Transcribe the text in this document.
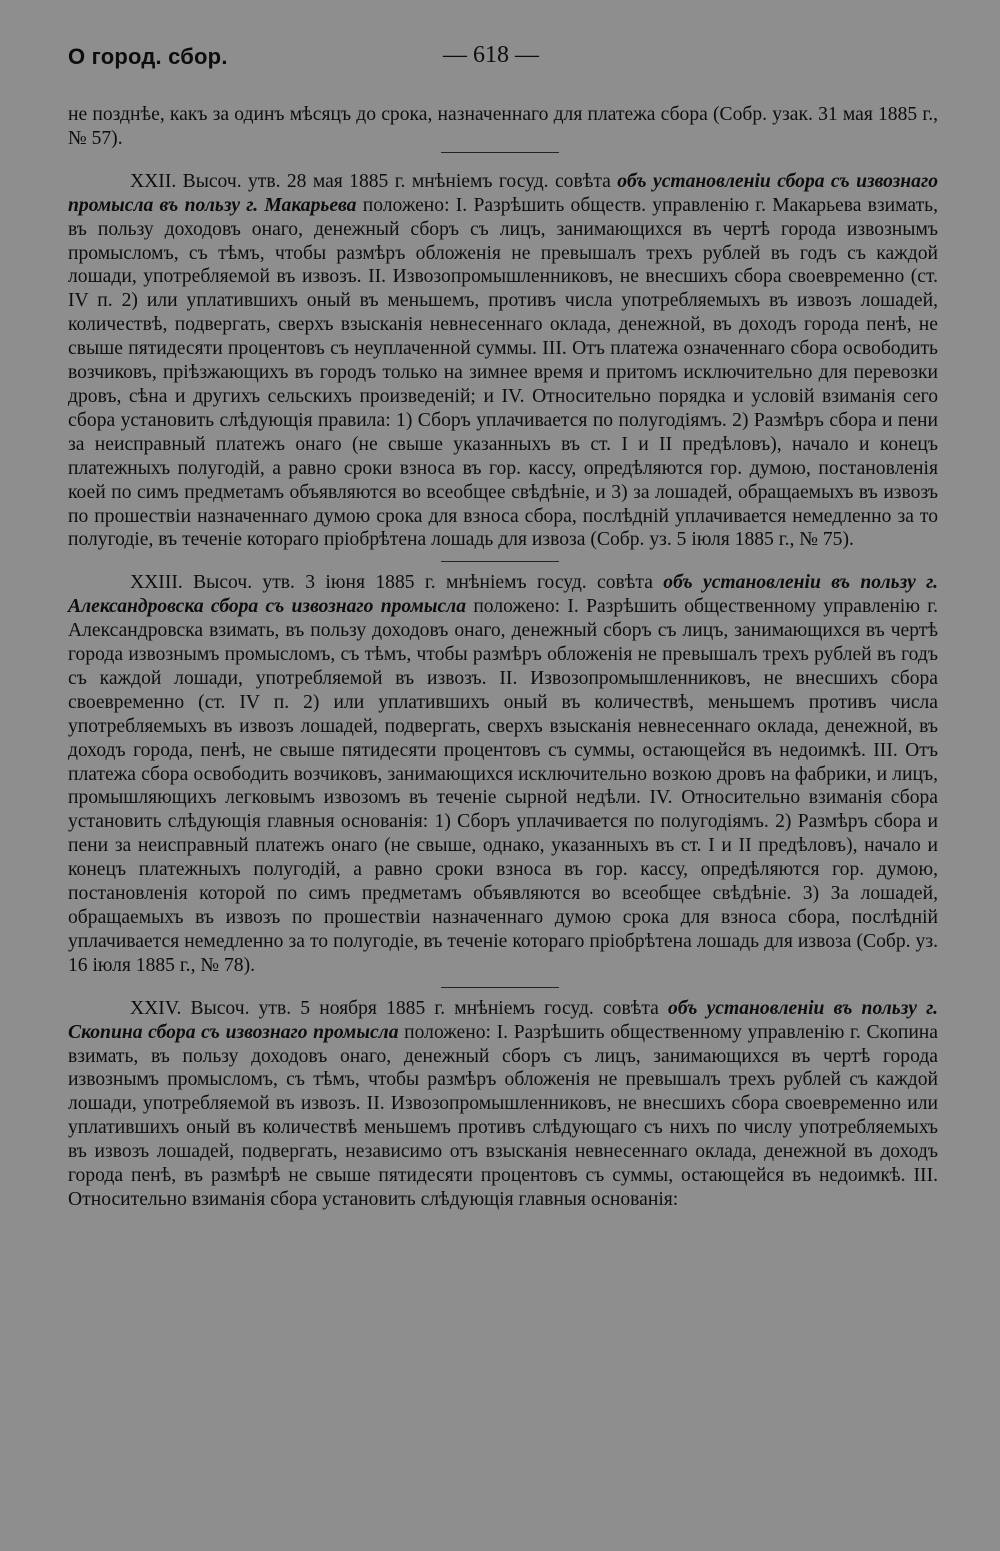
О город. сбор.	— 618 —

не позднѣе, какъ за одинъ мѣсяцъ до срока, назначеннаго для платежа сбора (Собр. узак. 31 мая 1885 г., № 57).

XXII. Высоч. утв. 28 мая 1885 г. мнѣніемъ госуд. совѣта объ установленіи сбора съ извознаго промысла въ пользу г. Макарьева положено: I. Разрѣшить обществ. управленію г. Макарьева взимать, въ пользу доходовъ онаго, денежный сборъ съ лицъ, занимающихся въ чертѣ города извознымъ промысломъ, съ тѣмъ, чтобы размѣръ обложенія не превышалъ трехъ рублей въ годъ съ каждой лошади, употребляемой въ извозъ. II. Извозопромышленниковъ, не внесшихъ сбора своевременно (ст. IV п. 2) или уплатившихъ оный въ меньшемъ, противъ числа употребляемыхъ въ извозъ лошадей, количествѣ, подвергать, сверхъ взысканія невнесеннаго оклада, денежной, въ доходъ города пенѣ, не свыше пятидесяти процентовъ съ неуплаченной суммы. III. Отъ платежа означеннаго сбора освободить возчиковъ, пріѣзжающихъ въ городъ только на зимнее время и притомъ исключительно для перевозки дровъ, сѣна и другихъ сельскихъ произведеній; и IV. Относительно порядка и условій взиманія сего сбора установить слѣдующія правила: 1) Сборъ уплачивается по полугодіямъ. 2) Размѣръ сбора и пени за неисправный платежъ онаго (не свыше указанныхъ въ ст. I и II предѣловъ), начало и конецъ платежныхъ полугодій, а равно сроки взноса въ гор. кассу, опредѣляются гор. думою, постановленія коей по симъ предметамъ объявляются во всеобщее свѣдѣніе, и 3) за лошадей, обращаемыхъ въ извозъ по прошествіи назначеннаго думою срока для взноса сбора, послѣдній уплачивается немедленно за то полугодіе, въ теченіе котораго пріобрѣтена лошадь для извоза (Собр. уз. 5 іюля 1885 г., № 75).

XXIII. Высоч. утв. 3 іюня 1885 г. мнѣніемъ госуд. совѣта объ установленіи въ пользу г. Александровска сбора съ извознаго промысла положено: I. Разрѣшить общественному управленію г. Александровска взимать, въ пользу доходовъ онаго, денежный сборъ съ лицъ, занимающихся въ чертѣ города извознымъ промысломъ, съ тѣмъ, чтобы размѣръ обложенія не превышалъ трехъ рублей въ годъ съ каждой лошади, употребляемой въ извозъ. II. Извозопромышленниковъ, не внесшихъ сбора своевременно (ст. IV п. 2) или уплатившихъ оный въ количествѣ, меньшемъ противъ числа употребляемыхъ въ извозъ лошадей, подвергать, сверхъ взысканія невнесеннаго оклада, денежной, въ доходъ города, пенѣ, не свыше пятидесяти процентовъ съ суммы, остающейся въ недоимкѣ. III. Отъ платежа сбора освободить возчиковъ, занимающихся исключительно возкою дровъ на фабрики, и лицъ, промышляющихъ легковымъ извозомъ въ теченіе сырной недѣли. IV. Относительно взиманія сбора установить слѣдующія главныя основанія: 1) Сборъ уплачивается по полугодіямъ. 2) Размѣръ сбора и пени за неисправный платежъ онаго (не свыше, однако, указанныхъ въ ст. I и II предѣловъ), начало и конецъ платежныхъ полугодій, а равно сроки взноса въ гор. кассу, опредѣляются гор. думою, постановленія которой по симъ предметамъ объявляются во всеобщее свѣдѣніе. 3) За лошадей, обращаемыхъ въ извозъ по прошествіи назначеннаго думою срока для взноса сбора, послѣдній уплачивается немедленно за то полугодіе, въ теченіе котораго пріобрѣтена лошадь для извоза (Собр. уз. 16 іюля 1885 г., № 78).

XXIV. Высоч. утв. 5 ноября 1885 г. мнѣніемъ госуд. совѣта объ установленіи въ пользу г. Скопина сбора съ извознаго промысла положено: I. Разрѣшить общественному управленію г. Скопина взимать, въ пользу доходовъ онаго, денежный сборъ съ лицъ, занимающихся въ чертѣ города извознымъ промысломъ, съ тѣмъ, чтобы размѣръ обложенія не превышалъ трехъ рублей съ каждой лошади, употребляемой въ извозъ. II. Извозопромышленниковъ, не внесшихъ сбора своевременно или уплатившихъ оный въ количествѣ меньшемъ противъ слѣдующаго съ нихъ по числу употребляемыхъ въ извозъ лошадей, подвергать, независимо отъ взысканія невнесеннаго оклада, денежной въ доходъ города пенѣ, въ размѣрѣ не свыше пятидесяти процентовъ съ суммы, остающейся въ недоимкѣ. III. Относительно взиманія сбора установить слѣдующія главныя основанія:
